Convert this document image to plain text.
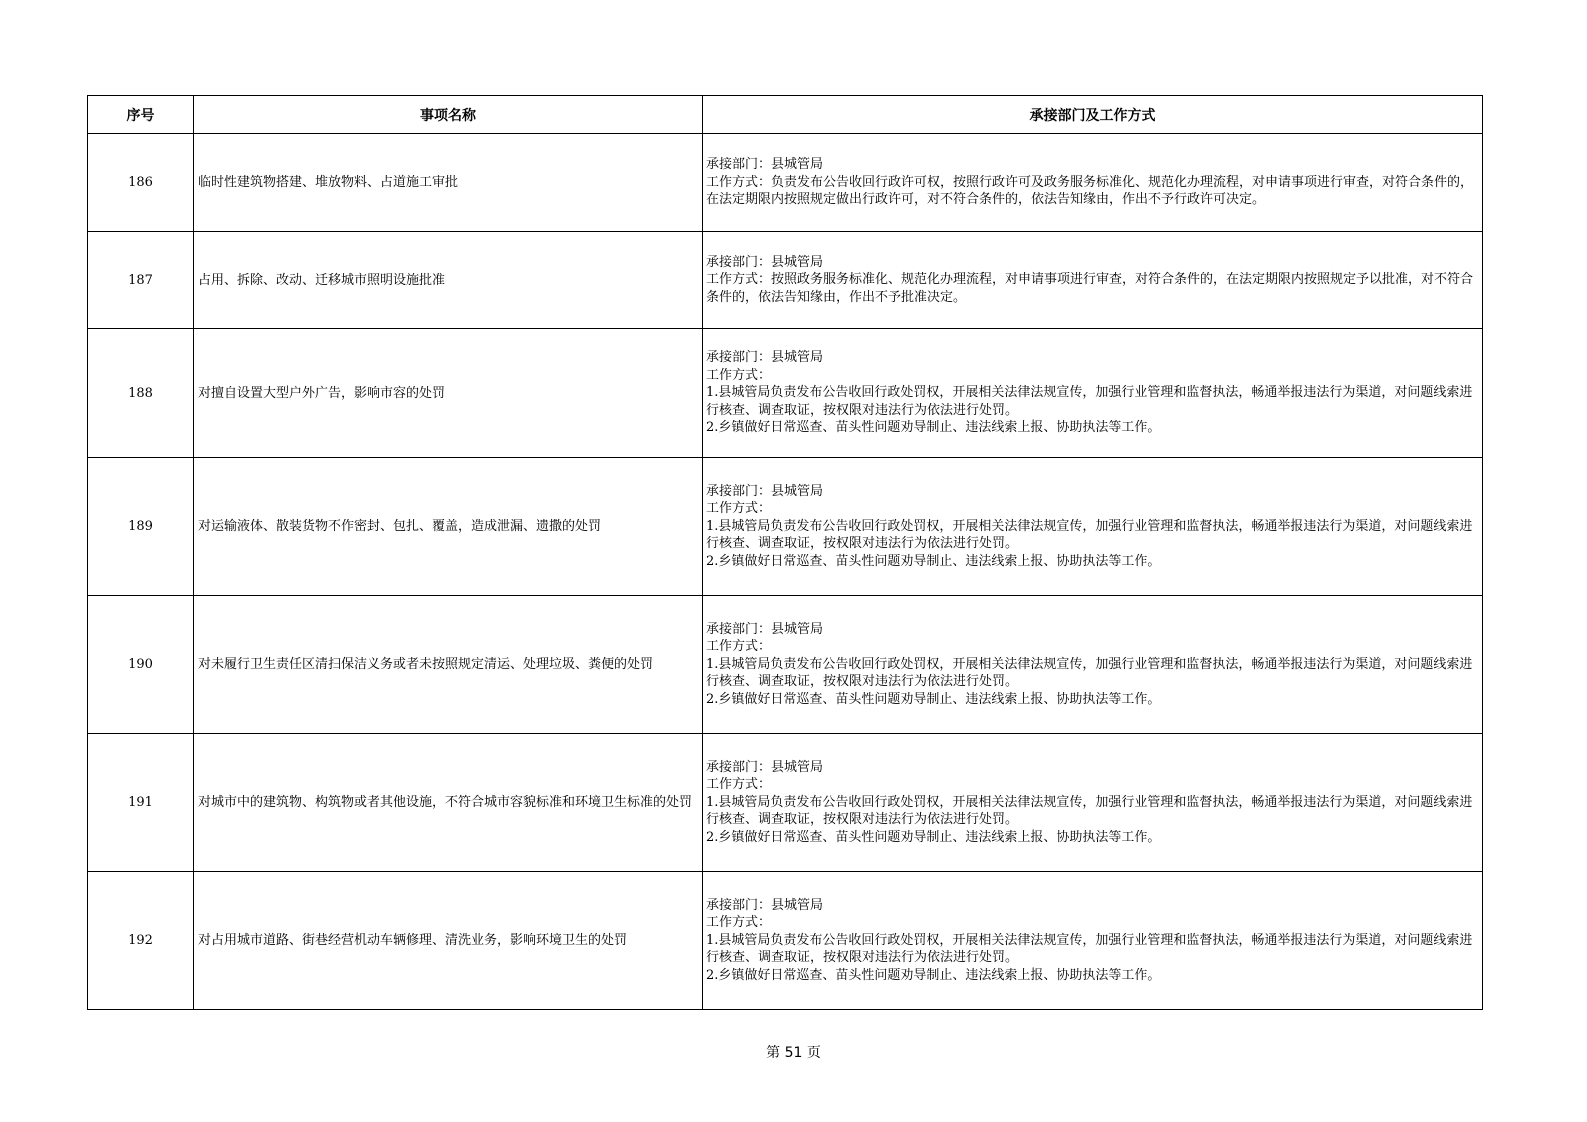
序号	事项名称	承接部门及工作方式
186	临时性建筑物搭建、堆放物料、占道施工审批	承接部门：县城管局
工作方式：负责发布公告收回行政许可权，按照行政许可及政务服务标准化、规范化办理流程，对申请事项进行审查，对符合条件的，在法定期限内按照规定做出行政许可，对不符合条件的，依法告知缘由，作出不予行政许可决定。

187	占用、拆除、改动、迁移城市照明设施批准	承接部门：县城管局
工作方式：按照政务服务标准化、规范化办理流程，对申请事项进行审查，对符合条件的，在法定期限内按照规定予以批准，对不符合条件的，依法告知缘由，作出不予批准决定。

188	对擅自设置大型户外广告，影响市容的处罚	承接部门：县城管局
工作方式：
1.县城管局负责发布公告收回行政处罚权，开展相关法律法规宣传，加强行业管理和监督执法，畅通举报违法行为渠道，对问题线索进行核查、调查取证，按权限对违法行为依法进行处罚。
2.乡镇做好日常巡查、苗头性问题劝导制止、违法线索上报、协助执法等工作。

189	对运输液体、散装货物不作密封、包扎、覆盖，造成泄漏、遗撒的处罚	承接部门：县城管局
工作方式：
1.县城管局负责发布公告收回行政处罚权，开展相关法律法规宣传，加强行业管理和监督执法，畅通举报违法行为渠道，对问题线索进行核查、调查取证，按权限对违法行为依法进行处罚。
2.乡镇做好日常巡查、苗头性问题劝导制止、违法线索上报、协助执法等工作。

190	对未履行卫生责任区清扫保洁义务或者未按照规定清运、处理垃圾、粪便的处罚	承接部门：县城管局
工作方式：
1.县城管局负责发布公告收回行政处罚权，开展相关法律法规宣传，加强行业管理和监督执法，畅通举报违法行为渠道，对问题线索进行核查、调查取证，按权限对违法行为依法进行处罚。
2.乡镇做好日常巡查、苗头性问题劝导制止、违法线索上报、协助执法等工作。

191	对城市中的建筑物、构筑物或者其他设施，不符合城市容貌标准和环境卫生标准的处罚	承接部门：县城管局
工作方式：
1.县城管局负责发布公告收回行政处罚权，开展相关法律法规宣传，加强行业管理和监督执法，畅通举报违法行为渠道，对问题线索进行核查、调查取证，按权限对违法行为依法进行处罚。
2.乡镇做好日常巡查、苗头性问题劝导制止、违法线索上报、协助执法等工作。

192	对占用城市道路、街巷经营机动车辆修理、清洗业务，影响环境卫生的处罚	承接部门：县城管局
工作方式：
1.县城管局负责发布公告收回行政处罚权，开展相关法律法规宣传，加强行业管理和监督执法，畅通举报违法行为渠道，对问题线索进行核查、调查取证，按权限对违法行为依法进行处罚。
2.乡镇做好日常巡查、苗头性问题劝导制止、违法线索上报、协助执法等工作。
第 51 页
